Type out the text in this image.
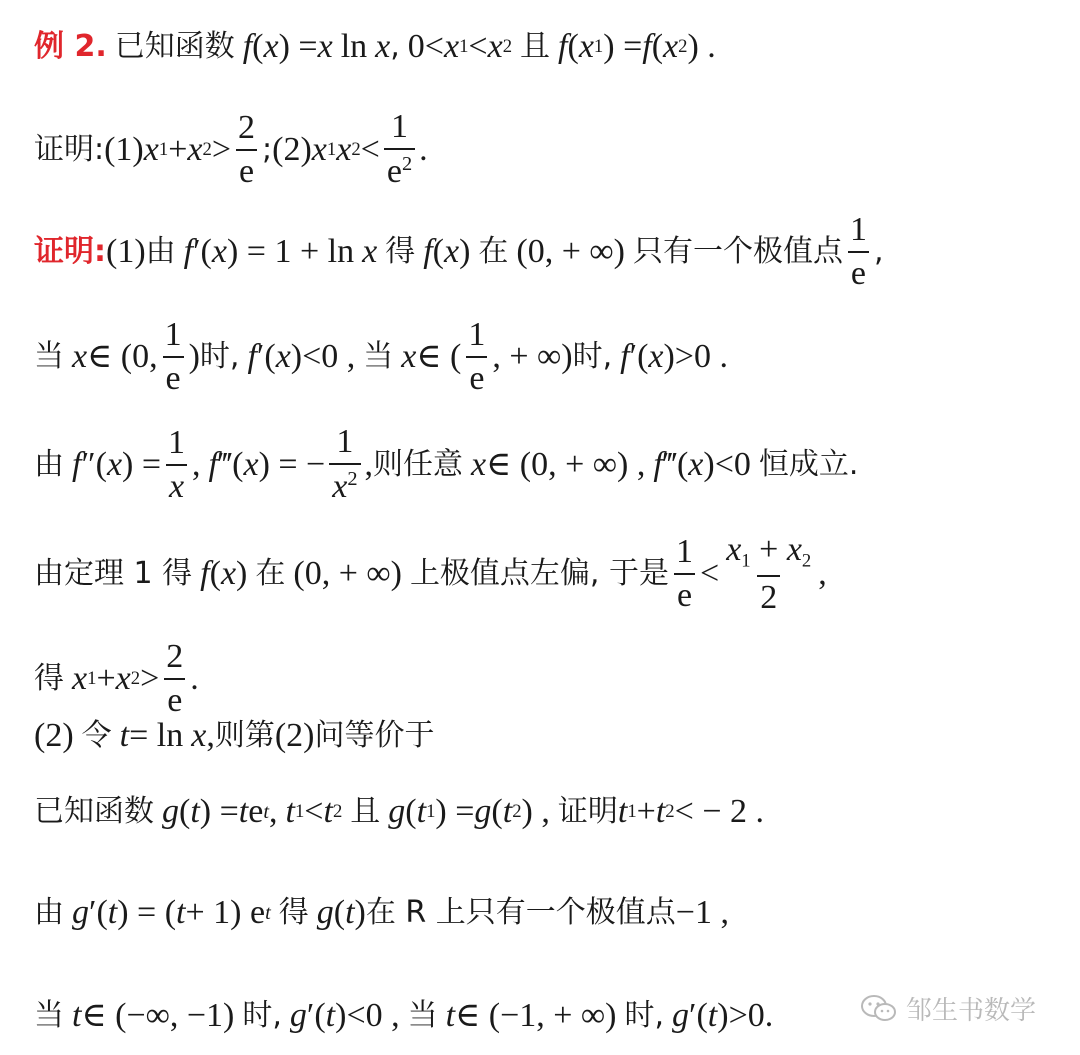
例 2. 已知函数 f ( x ) = x ln x , 0< x 1 < x 2 且 f ( x 1 ) = f ( x 2 ) .
证明: (1) x 1 + x $2 > \frac{2}{e}$ ; (2) x 1 x $2 < \frac{1}{e^2}$ .
证明: (1) 由 f ′( x ) = 1 + ln x 得 f ( x ) 在 (0, + ∞) 只有一个极值点 $\frac{1}{e}$ ,
当 x ∈ (0, $\frac{1}{e}$ ) 时 , f ′( x )<0 , 当 x ∈ ( $\frac{1}{e}$ , + ∞) 时 , f ′( x )>0 .
由 f ″( x ) = $\frac{1}{x}$ , f ‴( x ) = − $\frac{1}{x^2}$ , 则任意 x ∈ (0, + ∞) , f ‴( x )<0 恒成立.
由 定理 1 得 f ( x ) 在 (0, + ∞) 上极值点左偏, 于是 $\frac{1}{e} < \frac{x_1 + x_2}{2}$ ,
得 x 1 + x $2 > \frac{2}{e}$ .
(2) 令 t = ln x , 则第 (2) 问等价于
已知函数 g ( t ) = t e t , t 1 < t 2 且 g ( t 1 ) = g ( t 2 ) , 证明 t 1 + t 2 < − 2 .
由 g ′( t ) = ( t + 1) e t 得 g ( t ) 在 R 上只有一个极值点 −1 ,
当 t ∈ (−∞, −1) 时 , g ′( t )<0 , 当 t ∈ (−1, + ∞) 时 , g ′( t )>0.	邹生书数学
